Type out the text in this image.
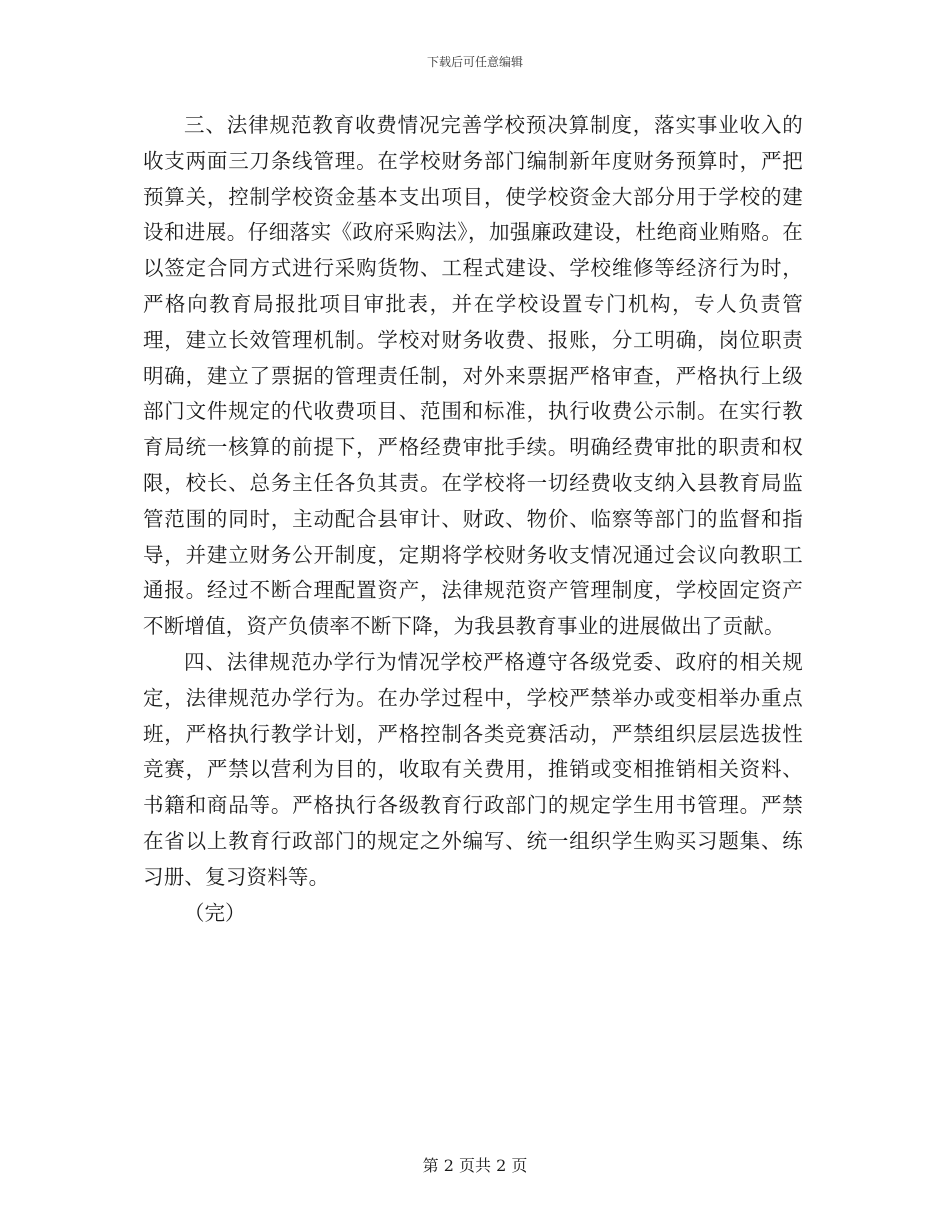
下载后可任意编辑

三、法律规范教育收费情况完善学校预决算制度，落实事业收入的收支两面三刀条线管理。在学校财务部门编制新年度财务预算时，严把预算关，控制学校资金基本支出项目，使学校资金大部分用于学校的建设和进展。仔细落实《政府采购法》，加强廉政建设，杜绝商业贿赂。在以签定合同方式进行采购货物、工程式建设、学校维修等经济行为时，严格向教育局报批项目审批表，并在学校设置专门机构，专人负责管理，建立长效管理机制。学校对财务收费、报账，分工明确，岗位职责明确，建立了票据的管理责任制，对外来票据严格审查，严格执行上级部门文件规定的代收费项目、范围和标准，执行收费公示制。在实行教育局统一核算的前提下，严格经费审批手续。明确经费审批的职责和权限，校长、总务主任各负其责。在学校将一切经费收支纳入县教育局监管范围的同时，主动配合县审计、财政、物价、临察等部门的监督和指导，并建立财务公开制度，定期将学校财务收支情况通过会议向教职工通报。经过不断合理配置资产，法律规范资产管理制度，学校固定资产不断增值，资产负债率不断下降，为我县教育事业的进展做出了贡献。

四、法律规范办学行为情况学校严格遵守各级党委、政府的相关规定，法律规范办学行为。在办学过程中，学校严禁举办或变相举办重点班，严格执行教学计划，严格控制各类竞赛活动，严禁组织层层选拔性竞赛，严禁以营利为目的，收取有关费用，推销或变相推销相关资料、书籍和商品等。严格执行各级教育行政部门的规定学生用书管理。严禁在省以上教育行政部门的规定之外编写、统一组织学生购买习题集、练习册、复习资料等。

（完）

第 2 页共 2 页
